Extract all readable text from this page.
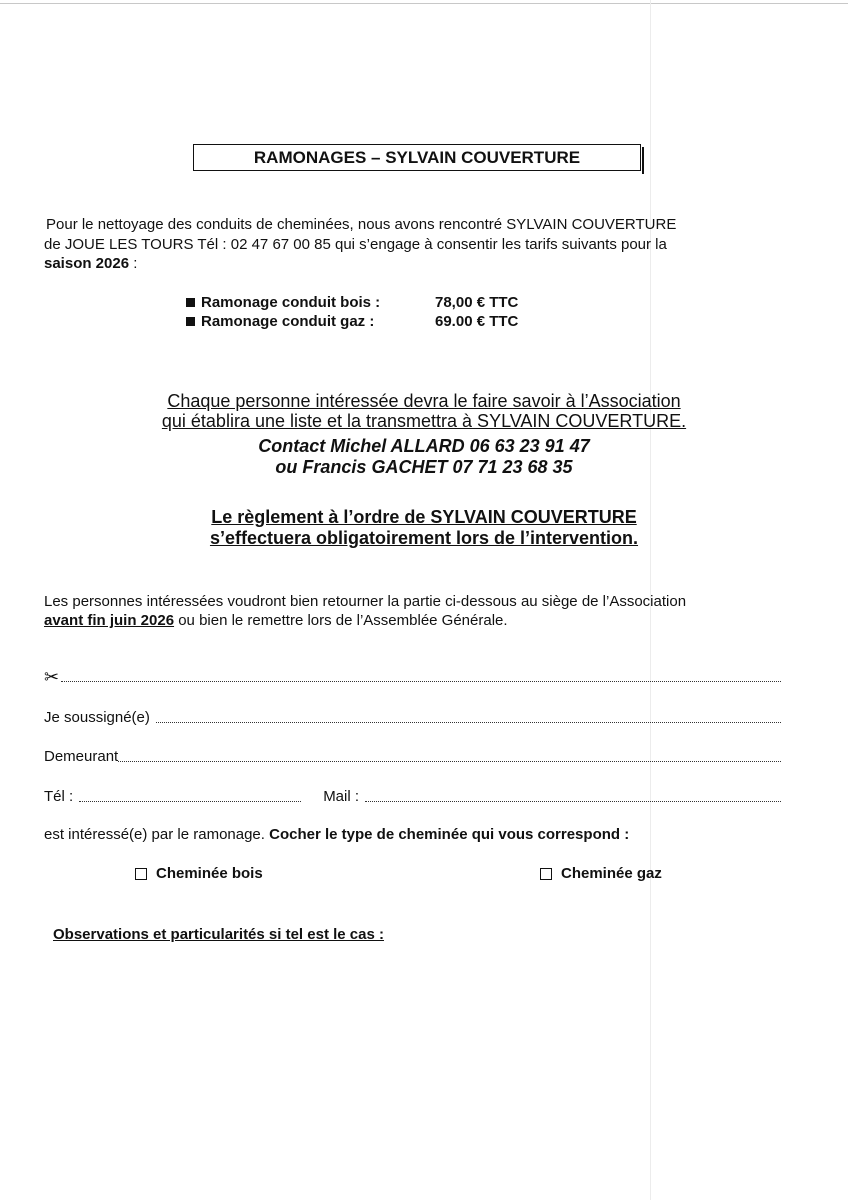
RAMONAGES – SYLVAIN COUVERTURE
Pour le nettoyage des conduits de cheminées, nous avons rencontré SYLVAIN COUVERTURE
de JOUE LES TOURS Tél : 02 47 67 00 85 qui s’engage à consentir les tarifs suivants pour la
saison 2026 :
Ramonage conduit bois :	78,00 € TTC
Ramonage conduit gaz :	69.00 € TTC
Chaque personne intéressée devra le faire savoir à l’Association
qui établira une liste et la transmettra à SYLVAIN COUVERTURE.
Contact Michel ALLARD 06 63 23 91 47
ou Francis GACHET 07 71 23 68 35
Le règlement à l’ordre de SYLVAIN COUVERTURE
s’effectuera obligatoirement lors de l’intervention.
Les personnes intéressées voudront bien retourner la partie ci-dessous au siège de l’Association
avant fin juin 2026 ou bien le remettre lors de l’Assemblée Générale.
✂
Je soussigné(e)
Demeurant
Tél :	Mail :
est intéressé(e) par le ramonage. Cocher le type de cheminée qui vous correspond :
Cheminée bois	Cheminée gaz
Observations et particularités si tel est le cas :
